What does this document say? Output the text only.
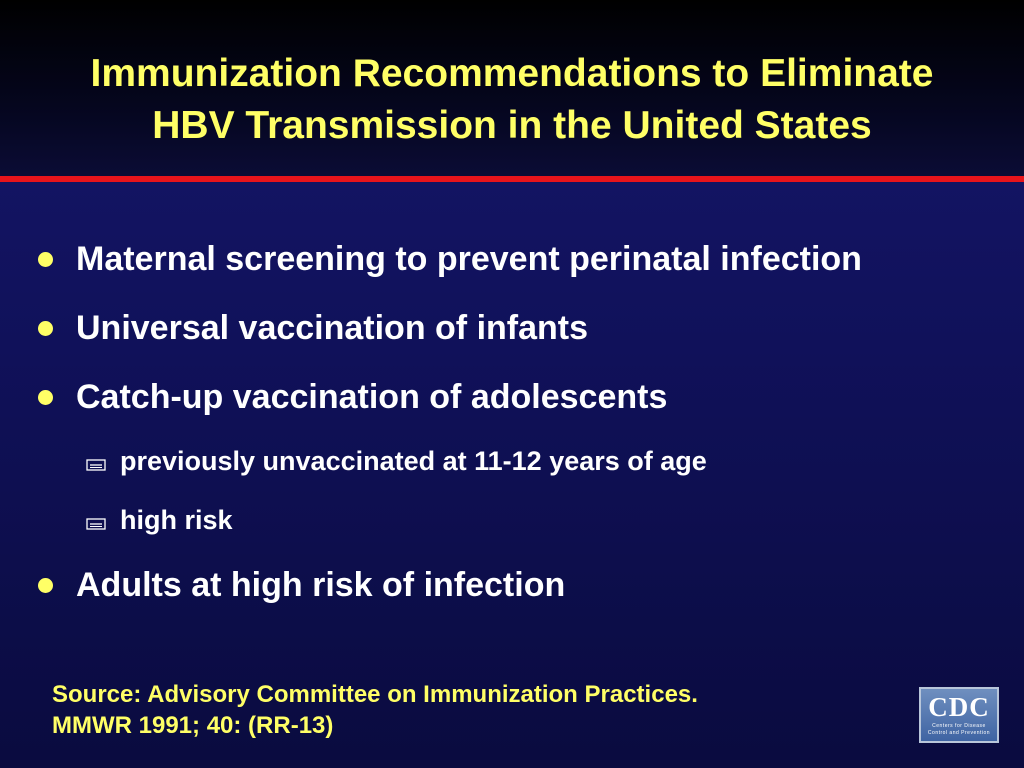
Immunization Recommendations to Eliminate
HBV Transmission in the United States
Maternal screening to prevent perinatal infection
Universal vaccination of infants
Catch-up vaccination of adolescents
previously unvaccinated at 11-12 years of age
high risk
Adults at high risk of infection
Source: Advisory Committee on Immunization Practices.
MMWR 1991; 40: (RR-13)
CDC
Centers for Disease
Control and Prevention
